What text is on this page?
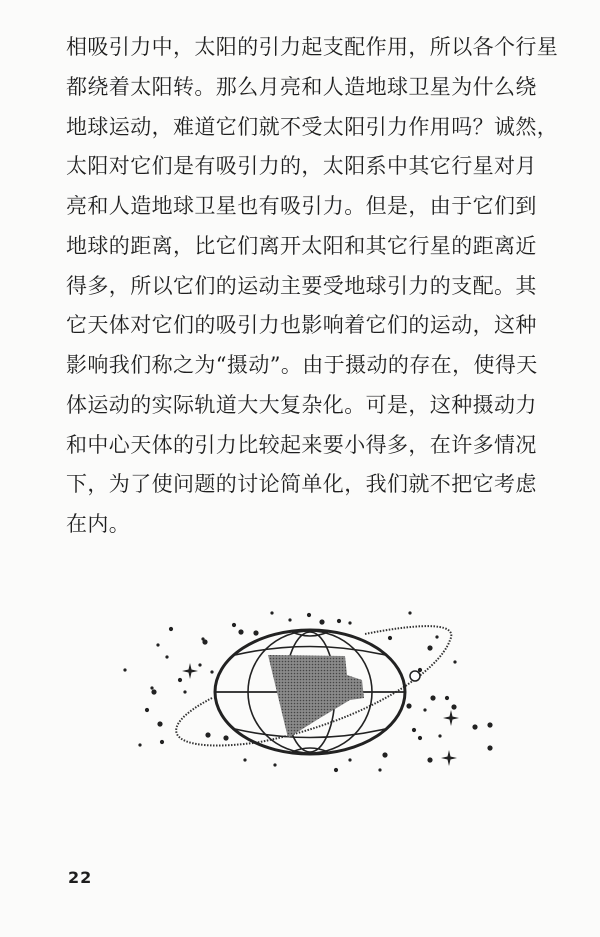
相吸引力中，太阳的引力起支配作用，所以各个行星
都绕着太阳转。那么月亮和人造地球卫星为什么绕
地球运动，难道它们就不受太阳引力作用吗？诚然，
太阳对它们是有吸引力的，太阳系中其它行星对月
亮和人造地球卫星也有吸引力。但是，由于它们到
地球的距离，比它们离开太阳和其它行星的距离近
得多，所以它们的运动主要受地球引力的支配。其
它天体对它们的吸引力也影响着它们的运动，这种
影响我们称之为“摄动”。由于摄动的存在，使得天
体运动的实际轨道大大复杂化。可是，这种摄动力
和中心天体的引力比较起来要小得多，在许多情况
下，为了使问题的讨论简单化，我们就不把它考虑
在内。
22
